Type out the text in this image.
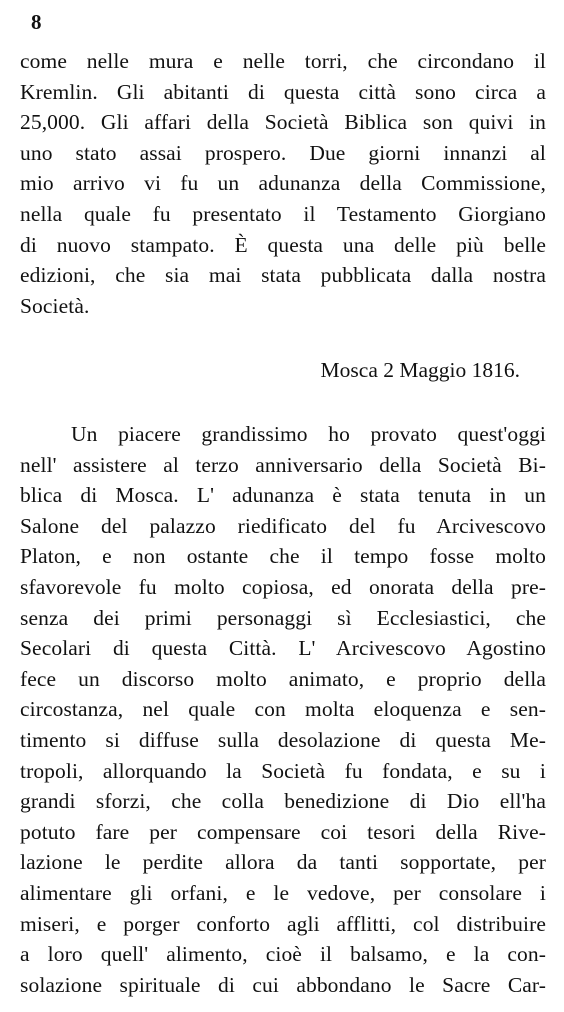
8
come nelle mura e nelle torri, che circondano il
Kremlin. Gli abitanti di questa città sono circa a
25,000. Gli affari della Società Biblica son quivi in
uno stato assai prospero. Due giorni innanzi al
mio arrivo vi fu un adunanza della Commissione,
nella quale fu presentato il Testamento Giorgiano
di nuovo stampato. È questa una delle più belle
edizioni, che sia mai stata pubblicata dalla nostra
Società.
Mosca 2 Maggio 1816.
Un piacere grandissimo ho provato quest'oggi
nell' assistere al terzo anniversario della Società Bi-
blica di Mosca. L' adunanza è stata tenuta in un
Salone del palazzo riedificato del fu Arcivescovo
Platon, e non ostante che il tempo fosse molto
sfavorevole fu molto copiosa, ed onorata della pre-
senza dei primi personaggi sì Ecclesiastici, che
Secolari di questa Città. L' Arcivescovo Agostino
fece un discorso molto animato, e proprio della
circostanza, nel quale con molta eloquenza e sen-
timento si diffuse sulla desolazione di questa Me-
tropoli, allorquando la Società fu fondata, e su i
grandi sforzi, che colla benedizione di Dio ell'ha
potuto fare per compensare coi tesori della Rive-
lazione le perdite allora da tanti sopportate, per
alimentare gli orfani, e le vedove, per consolare i
miseri, e porger conforto agli afflitti, col distribuire
a loro quell' alimento, cioè il balsamo, e la con-
solazione spirituale di cui abbondano le Sacre Car-
